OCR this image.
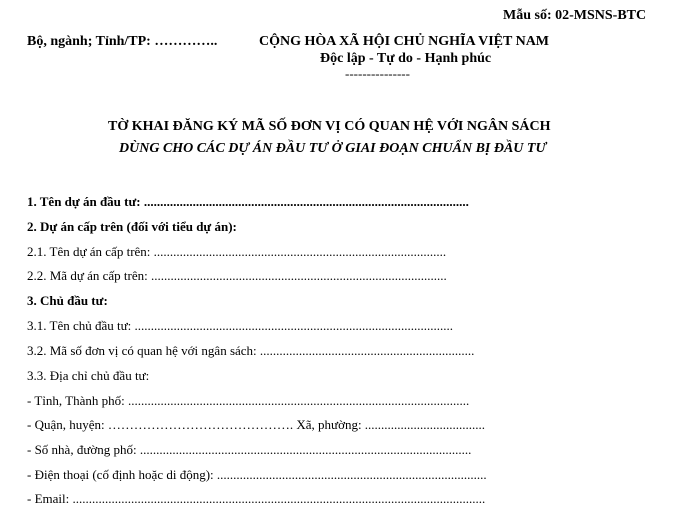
Mẫu số: 02-MSNS-BTC
Bộ, ngành; Tỉnh/TP: …………..	CỘNG HÒA XÃ HỘI CHỦ NGHĨA VIỆT NAM
Độc lập - Tự do - Hạnh phúc
---------------
TỜ KHAI ĐĂNG KÝ MÃ SỐ ĐƠN VỊ CÓ QUAN HỆ VỚI NGÂN SÁCH
DÙNG CHO CÁC DỰ ÁN ĐẦU TƯ Ở GIAI ĐOẠN CHUẨN BỊ ĐẦU TƯ
1. Tên dự án đầu tư: ....................................................................................................
2. Dự án cấp trên (đối với tiểu dự án):
2.1. Tên dự án cấp trên: ..........................................................................................
2.2. Mã dự án cấp trên: ...........................................................................................
3. Chủ đầu tư:
3.1. Tên chủ đầu tư: ..................................................................................................
3.2. Mã số đơn vị có quan hệ với ngân sách: ..................................................................
3.3. Địa chỉ chủ đầu tư:
- Tỉnh, Thành phố: .........................................................................................................
- Quận, huyện: ……………………………………. Xã, phường: .....................................
- Số nhà, đường phố: ......................................................................................................
- Điện thoại (cố định hoặc di động): ...................................................................................
- Email: ...............................................................................................................................
